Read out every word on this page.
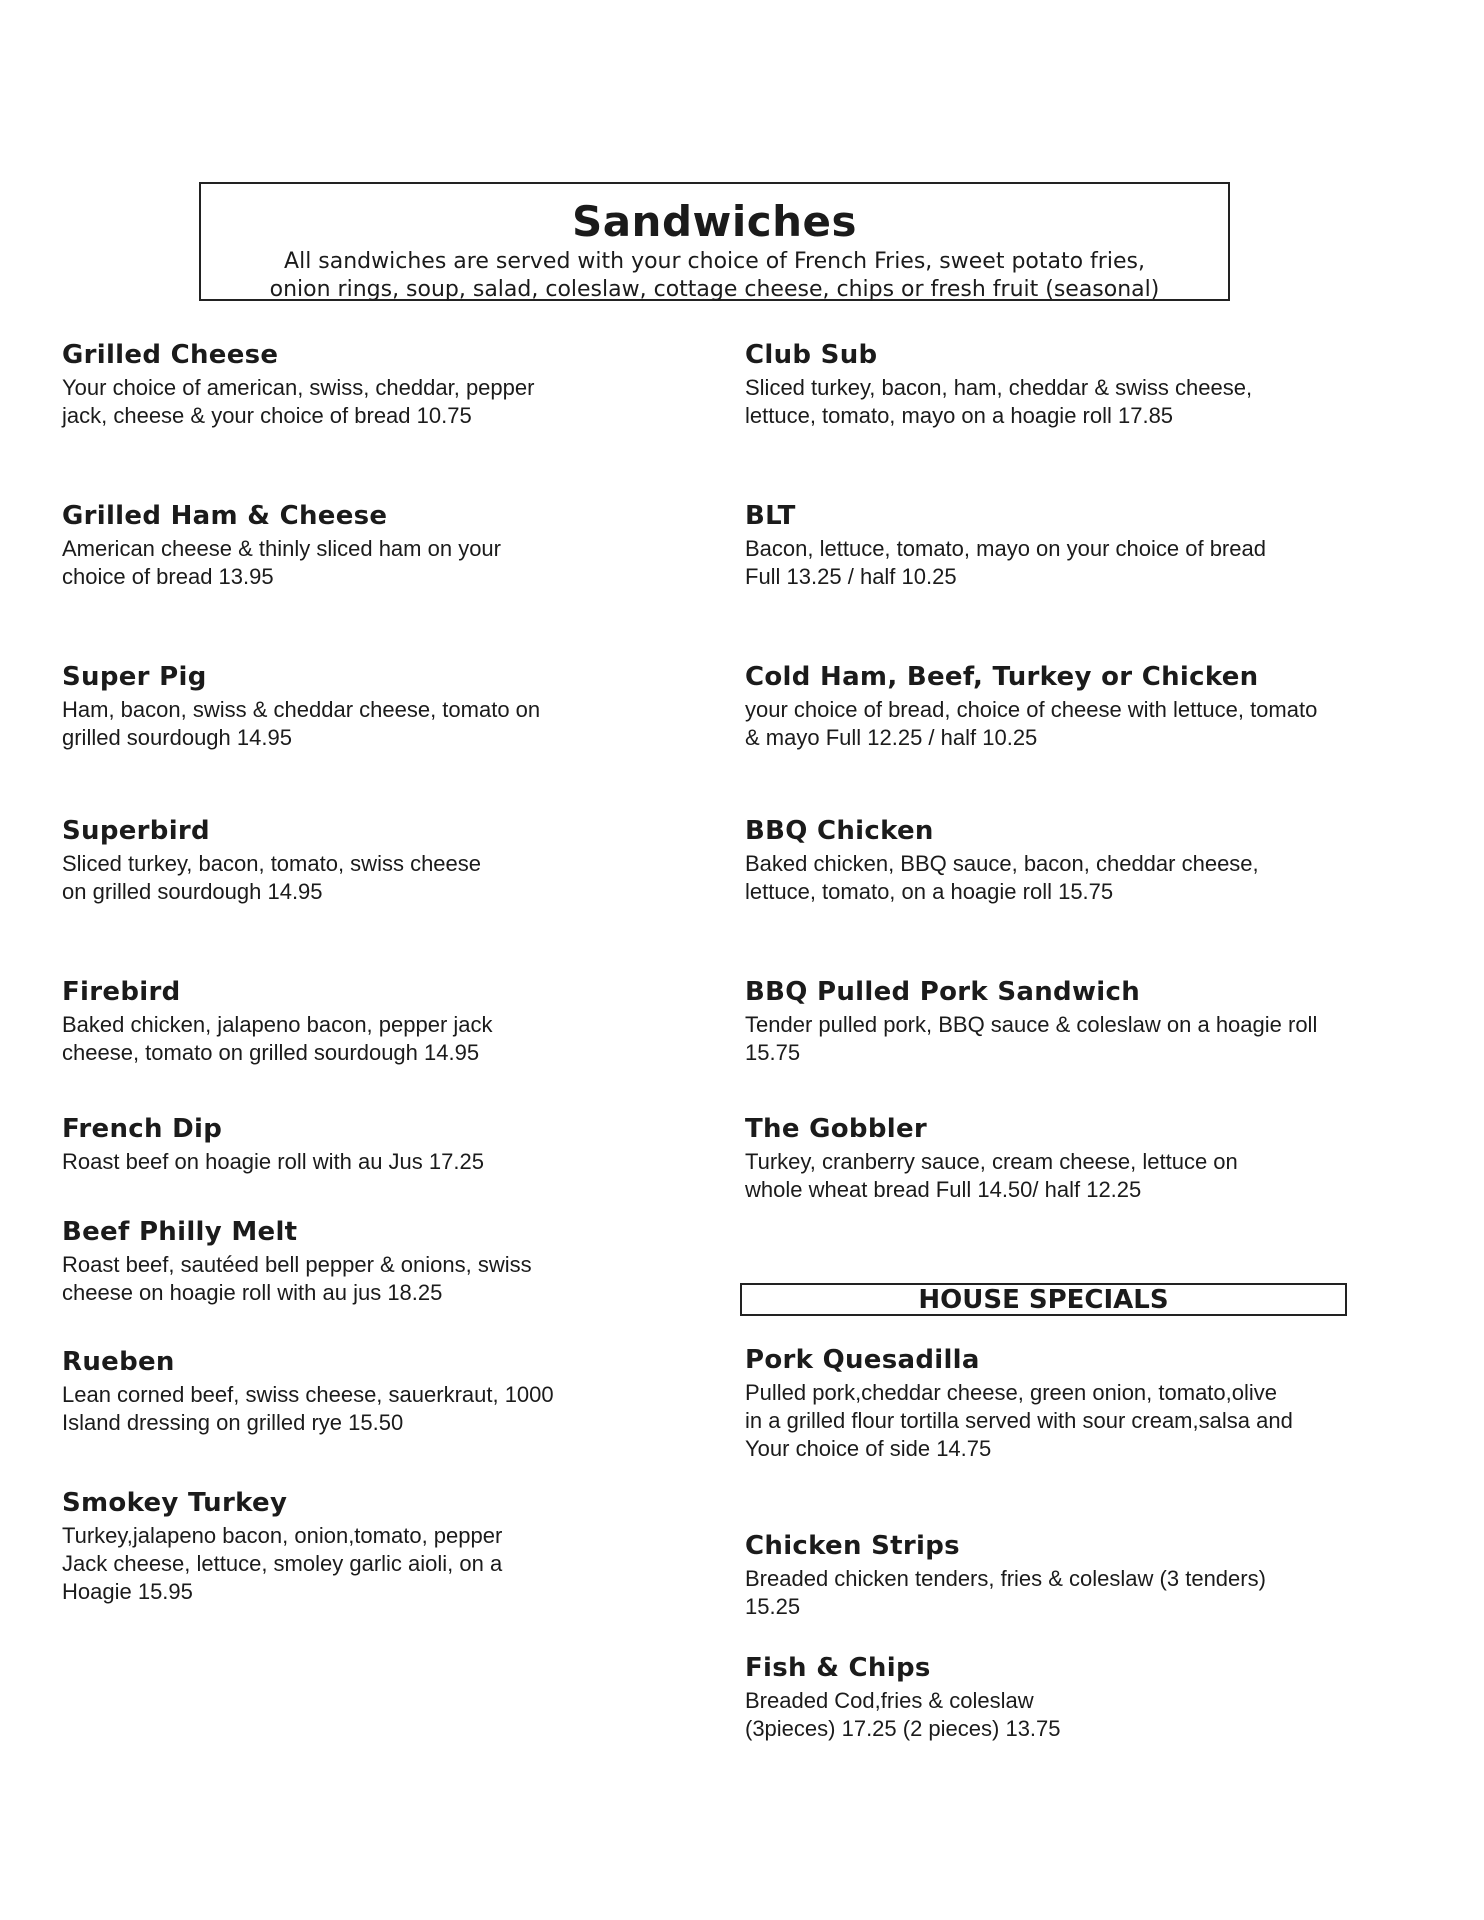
Sandwiches
All sandwiches are served with your choice of French Fries, sweet potato fries,
onion rings, soup, salad, coleslaw, cottage cheese, chips or fresh fruit (seasonal)
Grilled Cheese
Your choice of american, swiss, cheddar, pepper
jack, cheese & your choice of bread 10.75
Grilled Ham & Cheese
American cheese & thinly sliced ham on your
choice of bread 13.95
Super Pig
Ham, bacon, swiss & cheddar cheese, tomato on
grilled sourdough 14.95
Superbird
Sliced turkey, bacon, tomato, swiss cheese
on grilled sourdough 14.95
Firebird
Baked chicken, jalapeno bacon, pepper jack
cheese, tomato on grilled sourdough 14.95
French Dip
Roast beef on hoagie roll with au Jus 17.25
Beef Philly Melt
Roast beef, sautéed bell pepper & onions, swiss
cheese on hoagie roll with au jus 18.25
Rueben
Lean corned beef, swiss cheese, sauerkraut, 1000
Island dressing on grilled rye 15.50
Smokey Turkey
Turkey,jalapeno bacon, onion,tomato, pepper
Jack cheese, lettuce, smoley garlic aioli, on a
Hoagie 15.95
Club Sub
Sliced turkey, bacon, ham, cheddar & swiss cheese,
lettuce, tomato, mayo on a hoagie roll 17.85
BLT
Bacon, lettuce, tomato, mayo on your choice of bread
Full 13.25 / half 10.25
Cold Ham, Beef, Turkey or Chicken
your choice of bread, choice of cheese with lettuce, tomato
& mayo Full 12.25 / half 10.25
BBQ Chicken
Baked chicken, BBQ sauce, bacon, cheddar cheese,
lettuce, tomato, on a hoagie roll 15.75
BBQ Pulled Pork Sandwich
Tender pulled pork, BBQ sauce & coleslaw on a hoagie roll
15.75
The Gobbler
Turkey, cranberry sauce, cream cheese, lettuce on
whole wheat bread Full 14.50/ half 12.25
HOUSE SPECIALS
Pork Quesadilla
Pulled pork,cheddar cheese, green onion, tomato,olive
in a grilled flour tortilla served with sour cream,salsa and
Your choice of side 14.75
Chicken Strips
Breaded chicken tenders, fries & coleslaw (3 tenders)
15.25
Fish & Chips
Breaded Cod,fries & coleslaw
(3pieces) 17.25 (2 pieces) 13.75
